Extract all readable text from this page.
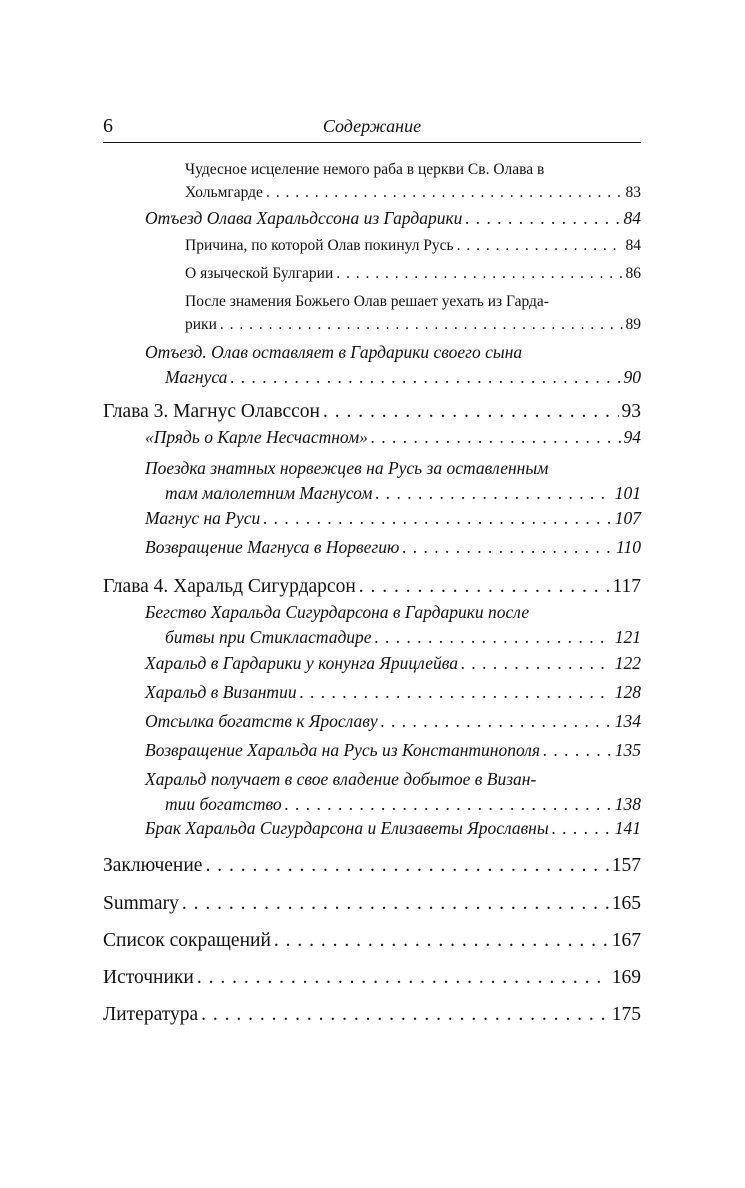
6	Содержание
Чудесное исцеление немого раба в церкви Св. Олава в
Хольмгарде . . .	83
Отъезд Олава Харальдссона из Гардарики . . .	84
Причина, по которой Олав покинул Русь . . .	84
О языческой Булгарии . . .	86
После знамения Божьего Олав решает уехать из Гарда-
рики . . .	89
Отъезд. Олав оставляет в Гардарики своего сына
Магнуса . . .	90
Глава 3. Магнус Олавссон . . .	93
«Прядь о Карле Несчастном» . . .	94
Поездка знатных норвежцев на Русь за оставленным
там малолетним Магнусом . . .	101
Магнус на Руси . . .	107
Возвращение Магнуса в Норвегию . . .	110
Глава 4. Харальд Сигурдарсон . . .	117
Бегство Харальда Сигурдарсона в Гардарики после
битвы при Стикластадире . . .	121
Харальд в Гардарики у конунга Ярицлейва . . .	122
Харальд в Византии . . .	128
Отсылка богатств к Ярославу . . .	134
Возвращение Харальда на Русь из Константинополя . . .	135
Харальд получает в свое владение добытое в Визан-
тии богатство . . .	138
Брак Харальда Сигурдарсона и Елизаветы Ярославны . . .	141
Заключение . . .	157
Summary . . .	165
Список сокращений . . .	167
Источники . . .	169
Литература . . .	175
